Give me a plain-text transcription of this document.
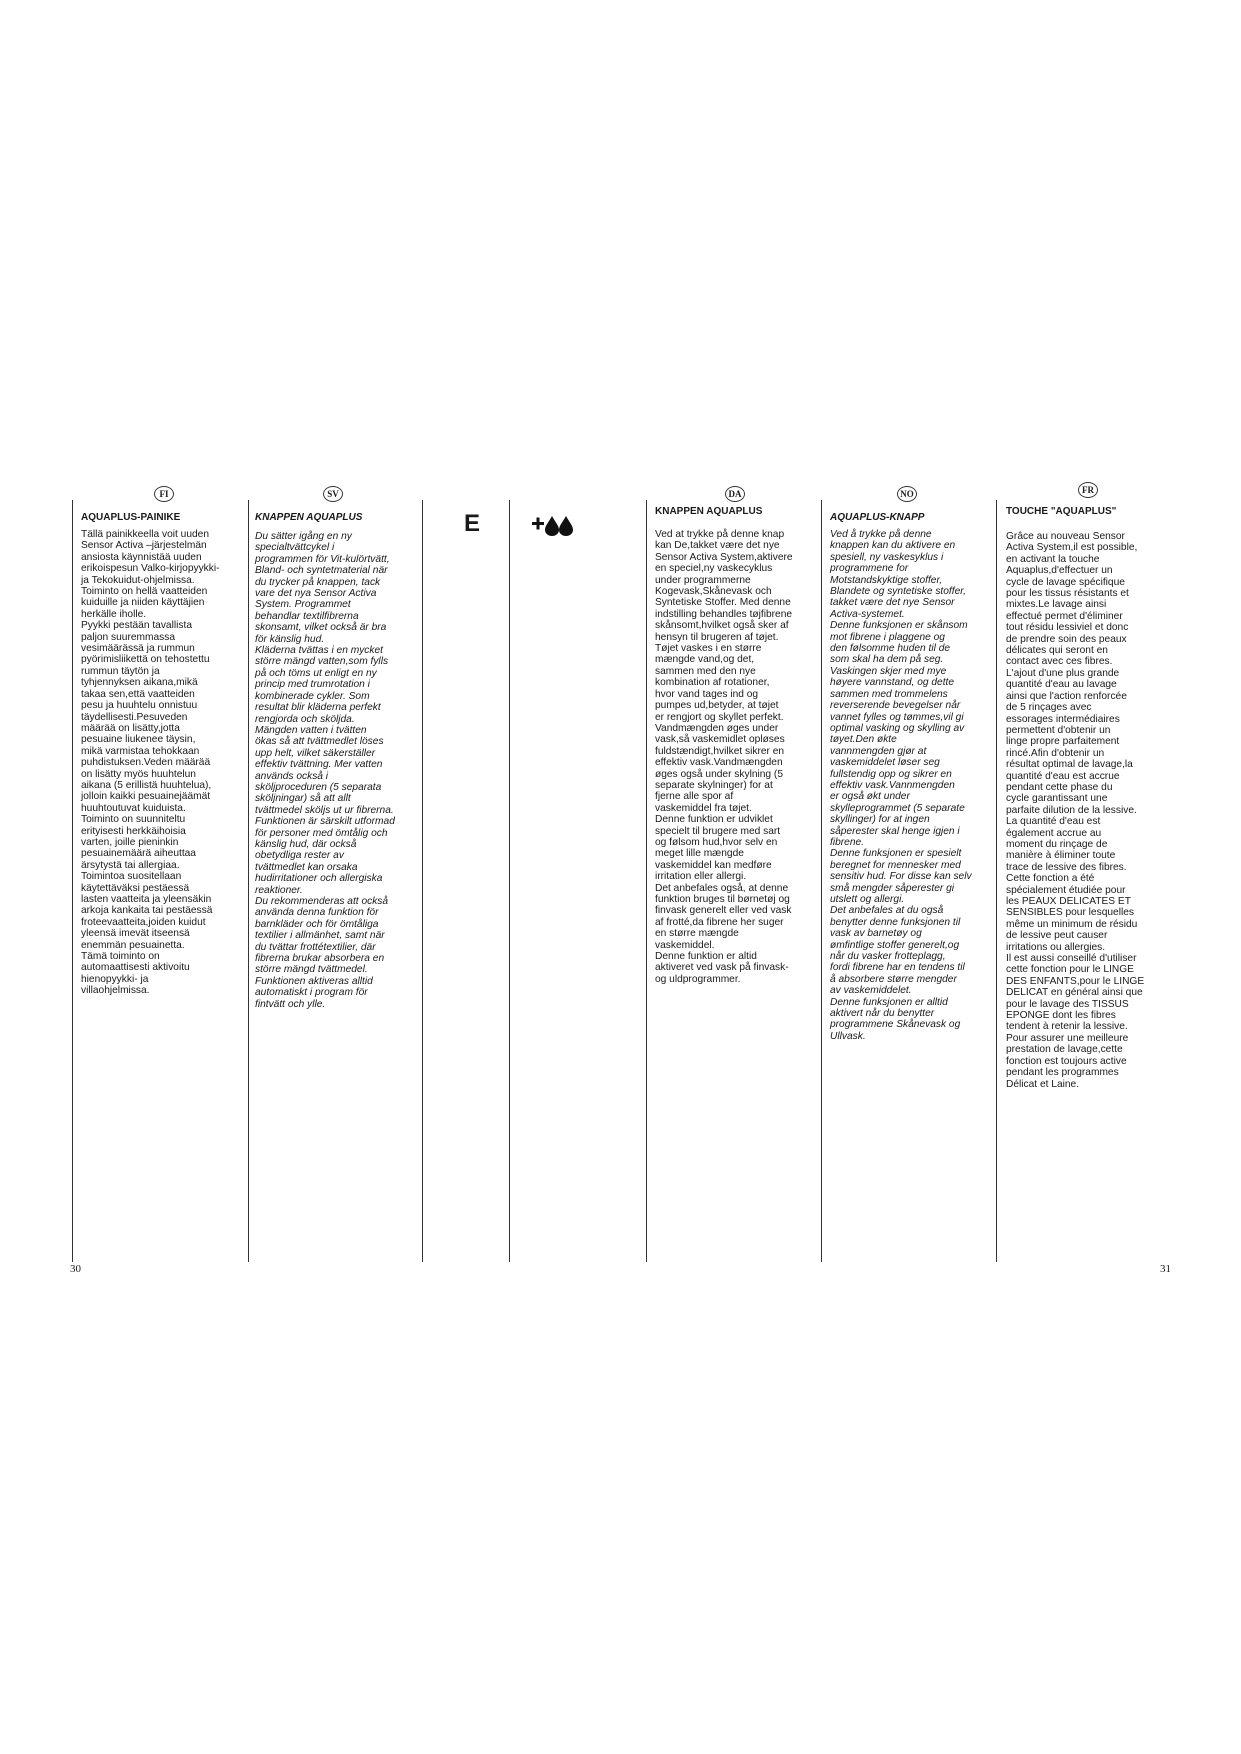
FI
AQUAPLUS-PAINIKE
Tällä painikkeella voit uuden
Sensor Activa –järjestelmän
ansiosta käynnistää uuden
erikoispesun Valko-kirjopyykki-
ja Tekokuidut-ohjelmissa.
Toiminto on hellä vaatteiden
kuiduille ja niiden käyttäjien
herkälle iholle.
Pyykki pestään tavallista
paljon suuremmassa
vesimäärässä ja rummun
pyörimisliikettä on tehostettu
rummun täytön ja
tyhjennyksen aikana,mikä
takaa sen,että vaatteiden
pesu ja huuhtelu onnistuu
täydellisesti.Pesuveden
määrää on lisätty,jotta
pesuaine liukenee täysin,
mikä varmistaa tehokkaan
puhdistuksen.Veden määrää
on lisätty myös huuhtelun
aikana (5 erillistä huuhtelua),
jolloin kaikki pesuainejäämät
huuhtoutuvat kuiduista.
Toiminto on suunniteltu
erityisesti herkkäihoisia
varten, joille pieninkin
pesuainemäärä aiheuttaa
ärsytystä tai allergiaa.
Toimintoa suositellaan
käytettäväksi pestäessä
lasten vaatteita ja yleensäkin
arkoja kankaita tai pestäessä
froteevaatteita,joiden kuidut
yleensä imevät itseensä
enemmän pesuainetta.
Tämä toiminto on
automaattisesti aktivoitu
hienopyykki- ja
villaohjelmissa.
SV
KNAPPEN AQUAPLUS
Du sätter igång en ny
specialtvättcykel i
programmen för Vit-kulörtvätt,
Bland- och syntetmaterial när
du trycker på knappen, tack
vare det nya Sensor Activa
System. Programmet
behandlar textilfibrerna
skonsamt, vilket också är bra
för känslig hud.
Kläderna tvättas i en mycket
större mängd vatten,som fylls
på och töms ut enligt en ny
princip med trumrotation i
kombinerade cykler. Som
resultat blir kläderna perfekt
rengjorda och sköljda.
Mängden vatten i tvätten
ökas så att tvättmedlet löses
upp helt, vilket säkerställer
effektiv tvättning. Mer vatten
används också i
sköljproceduren (5 separata
sköljningar) så att allt
tvättmedel sköljs ut ur fibrerna.
Funktionen är särskilt utformad
för personer med ömtålig och
känslig hud, där också
obetydliga rester av
tvättmedlet kan orsaka
hudirritationer och allergiska
reaktioner.
Du rekommenderas att också
använda denna funktion för
barnkläder och för ömtåliga
textilier i allmänhet, samt när
du tvättar frottétextilier, där
fibrerna brukar absorbera en
större mängd tvättmedel.
Funktionen aktiveras alltid
automatiskt i program för
fintvätt och ylle.
E
DA
KNAPPEN AQUAPLUS
Ved at trykke på denne knap
kan De,takket være det nye
Sensor Activa System,aktivere
en speciel,ny vaskecyklus
under programmerne
Kogevask,Skånevask och
Syntetiske Stoffer. Med denne
indstilling behandles tøjfibrene
skånsomt,hvilket også sker af
hensyn til brugeren af tøjet.
Tøjet vaskes i en større
mængde vand,og det,
sammen med den nye
kombination af rotationer,
hvor vand tages ind og
pumpes ud,betyder, at tøjet
er rengjort og skyllet perfekt.
Vandmængden øges under
vask,så vaskemidlet opløses
fuldstændigt,hvilket sikrer en
effektiv vask.Vandmængden
øges også under skylning (5
separate skylninger) for at
fjerne alle spor af
vaskemiddel fra tøjet.
Denne funktion er udviklet
specielt til brugere med sart
og følsom hud,hvor selv en
meget lille mængde
vaskemiddel kan medføre
irritation eller allergi.
Det anbefales også, at denne
funktion bruges til børnetøj og
finvask generelt eller ved vask
af frotté,da fibrene her suger
en større mængde
vaskemiddel.
Denne funktion er altid
aktiveret ved vask på finvask-
og uldprogrammer.
NO
AQUAPLUS-KNAPP
Ved å trykke på denne
knappen kan du aktivere en
spesiell, ny vaskesyklus i
programmene for
Motstandskyktige stoffer,
Blandete og syntetiske stoffer,
takket være det nye Sensor
Activa-systemet.
Denne funksjonen er skånsom
mot fibrene i plaggene og
den følsomme huden til de
som skal ha dem på seg.
Vaskingen skjer med mye
høyere vannstand, og dette
sammen med trommelens
reverserende bevegelser når
vannet fylles og tømmes,vil gi
optimal vasking og skylling av
tøyet.Den økte
vannmengden gjør at
vaskemiddelet løser seg
fullstendig opp og sikrer en
effektiv vask.Vannmengden
er også økt under
skylleprogrammet (5 separate
skyllinger) for at ingen
såperester skal henge igjen i
fibrene.
Denne funksjonen er spesielt
beregnet for mennesker med
sensitiv hud. For disse kan selv
små mengder såperester gi
utslett og allergi.
Det anbefales at du også
benytter denne funksjonen til
vask av barnetøy og
ømfintlige stoffer generelt,og
når du vasker frotteplagg,
fordi fibrene har en tendens til
å absorbere større mengder
av vaskemiddelet.
Denne funksjonen er alltid
aktivert når du benytter
programmene Skånevask og
Ullvask.
FR
TOUCHE "AQUAPLUS"
Grâce au nouveau Sensor
Activa System,il est possible,
en activant la touche
Aquaplus,d'effectuer un
cycle de lavage spécifique
pour les tissus résistants et
mixtes.Le lavage ainsi
effectué permet d'éliminer
tout résidu lessiviel et donc
de prendre soin des peaux
délicates qui seront en
contact avec ces fibres.
L'ajout d'une plus grande
quantité d'eau au lavage
ainsi que l'action renforcée
de 5 rinçages avec
essorages intermédiaires
permettent d'obtenir un
linge propre parfaitement
rincé.Afin d'obtenir un
résultat optimal de lavage,la
quantité d'eau est accrue
pendant cette phase du
cycle garantissant une
parfaite dilution de la lessive.
La quantité d'eau est
également accrue au
moment du rinçage de
manière à éliminer toute
trace de lessive des fibres.
Cette fonction a été
spécialement étudiée pour
les PEAUX DELICATES ET
SENSIBLES pour lesquelles
même un minimum de résidu
de lessive peut causer
irritations ou allergies.
Il est aussi conseillé d'utiliser
cette fonction pour le LINGE
DES ENFANTS,pour le LINGE
DELICAT en général ainsi que
pour le lavage des TISSUS
EPONGE dont les fibres
tendent à retenir la lessive.
Pour assurer une meilleure
prestation de lavage,cette
fonction est toujours active
pendant les programmes
Délicat et Laine.
30	31
